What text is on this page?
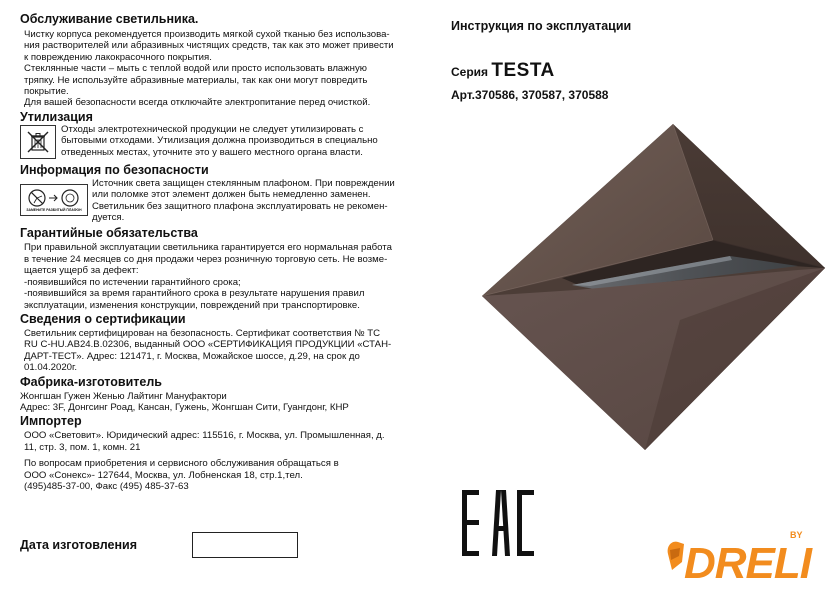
Обслуживание светильника.

Чистку корпуса рекомендуется производить мягкой сухой тканью без использова-

ния растворителей или абразивных чистящих средств, так как это может привести

к повреждению лакокрасочного покрытия.

Стеклянные части – мыть с теплой водой или просто использовать влажную

тряпку. Не используйте абразивные материалы, так как они могут повредить

покрытие.

Для вашей безопасности всегда отключайте электропитание перед очисткой.

Утилизация

Отходы электротехнической продукции не следует утилизировать с

бытовыми отходами. Утилизация должна производиться в специально

отведенных местах, уточните это у вашего местного органа власти.

Информация по безопасности

ЗАМЕНИТЕ РАЗБИТЫЙ ПЛАФОН

Источник света защищен стеклянным плафоном. При повреждении

или поломке этот элемент должен быть немедленно заменен.

Светильник без защитного плафона эксплуатировать не рекомен-

дуется.

Гарантийные обязательства

При правильной эксплуатации светильника гарантируется его нормальная работа

в течение 24 месяцев со дня продажи через розничную торговую сеть. Не возме-

щается ущерб за дефект:

-появившийся по истечении гарантийного срока;

-появившийся за время гарантийного срока в результате нарушения правил

эксплуатации, изменения конструкции, повреждений при транспортировке.

Сведения о сертификации

Светильник сертифицирован на безопасность. Сертификат соответствия № ТС

RU C-HU.AB24.B.02306, выданный ООО «СЕРТИФИКАЦИЯ ПРОДУКЦИИ «СТАН-

ДАРТ-ТЕСТ». Адрес: 121471, г. Москва, Можайское шоссе, д.29, на срок до

01.04.2020г.

Фабрика-изготовитель

Жонгшан Гужен Женью Лайтинг Мануфактори

Адрес: 3F, Донгсинг Роад, Кансан, Гужень, Жонгшан Сити, Гуангдонг, КНР

Импортер

ООО «Световит». Юридический адрес: 115516, г. Москва, ул. Промышленная, д.

11, стр. 3, пом. 1, комн. 21

По вопросам приобретения и сервисного обслуживания обращаться в

ООО «Сонекс»- 127644, Москва, ул. Лобненская 18, стр.1,тел.

(495)485-37-00, Факс (495) 485-37-63

Дата изготовления
Инструкция по эксплуатации
Серия TESTA
Арт.370586, 370587, 370588
DRELI
BY
